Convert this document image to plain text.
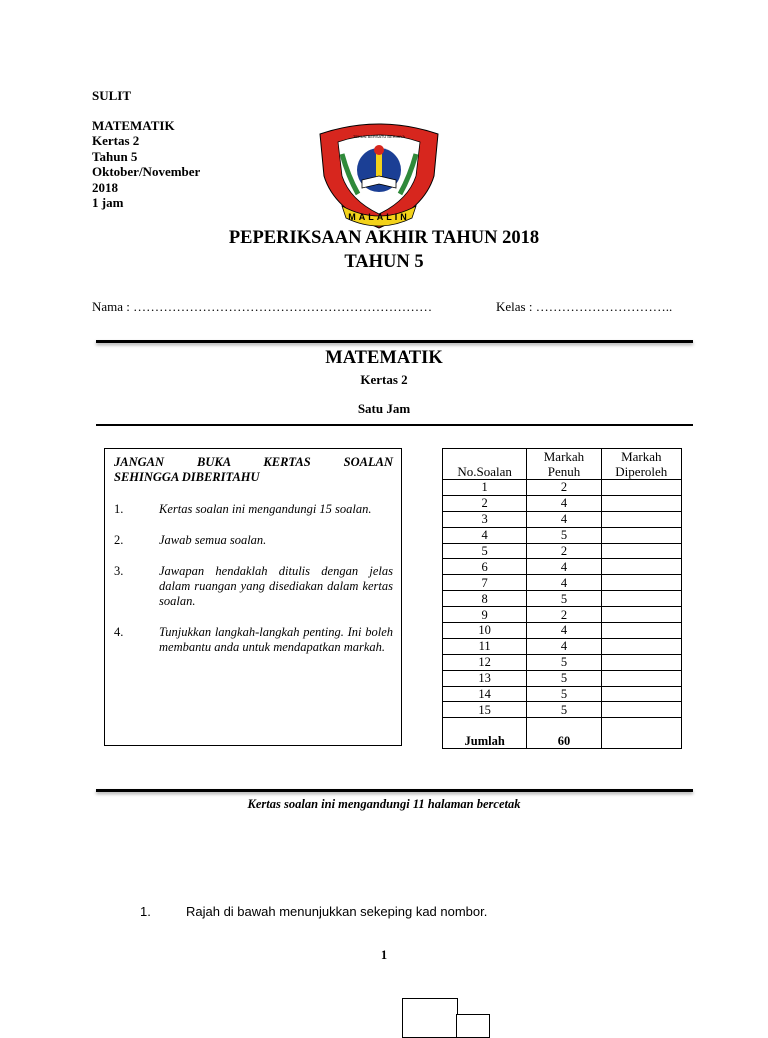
SULIT
MATEMATIK
Kertas 2
Tahun 5
Oktober/November
2018
1 jam
TEKUN BERSATU BERJAYA
MALALIN
PEPERIKSAAN AKHIR TAHUN 2018
TAHUN 5
Nama : ……………………………………………………………	Kelas : …………………………..
MATEMATIK
Kertas 2
Satu Jam
JANGAN BUKA KERTAS SOALAN
SEHINGGA DIBERITAHU
1.	Kertas soalan ini mengandungi 15 soalan.
2.	Jawab semua soalan.
3.	Jawapan hendaklah ditulis dengan jelas dalam ruangan yang disediakan dalam kertas soalan.
4.	Tunjukkan langkah-langkah penting. Ini boleh membantu anda untuk mendapatkan markah.
No.Soalan	Markah Penuh	Markah Diperoleh
1	2	
2	4	
3	4	
4	5	
5	2	
6	4	
7	4	
8	5	
9	2	
10	4	
11	4	
12	5	
13	5	
14	5	
15	5	
Jumlah	60	
Kertas soalan ini mengandungi 11 halaman bercetak
1.	Rajah di bawah menunjukkan sekeping kad nombor.
1
